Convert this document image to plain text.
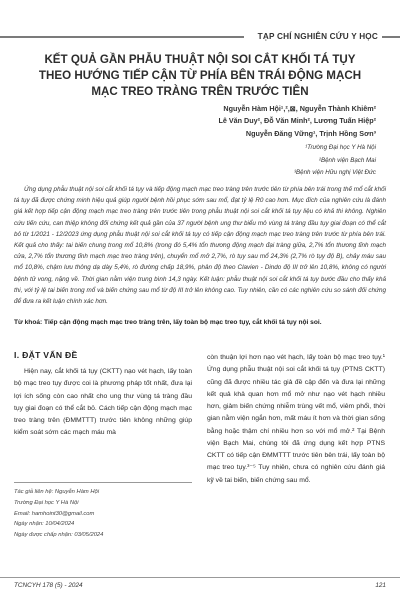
TẠP CHÍ NGHIÊN CỨU Y HỌC
KẾT QUẢ GẦN PHẪU THUẬT NỘI SOI CẮT KHỐI TÁ TỤY THEO HƯỚNG TIẾP CẬN TỪ PHÍA BÊN TRÁI ĐỘNG MẠCH MẠC TREO TRÀNG TRÊN TRƯỚC TIÊN
Nguyễn Hàm Hội¹,²,⊠, Nguyễn Thành Khiêm²
Lê Văn Duy², Đỗ Văn Minh², Lương Tuấn Hiệp²
Nguyễn Đăng Vững¹, Trịnh Hồng Sơn³
¹Trường Đại học Y Hà Nội
²Bệnh viện Bạch Mai
³Bệnh viện Hữu nghị Việt Đức

Ứng dụng phẫu thuật nội soi cắt khối tá tụy và tiếp động mạch mạc treo tràng trên trước tiên từ phía bên trái trong thế mổ cắt khối tá tụy đã được chứng minh hiệu quả giúp người bệnh hồi phục sớm sau mổ, đạt tỷ lệ R0 cao hơn. Mục đích của nghiên cứu là đánh giá kết hợp tiếp cận động mạch mạc treo tràng trên trước tiên trong phẫu thuật nội soi cắt khối tá tụy liệu có khả thi không. Nghiên cứu tiến cứu, can thiệp không đối chứng kết quả gần của 37 người bệnh ung thư biểu mô vùng tá tràng đầu tụy giai đoạn có thể cắt bỏ từ 1/2021 - 12/2023 ứng dụng phẫu thuật nội soi cắt khối tá tụy có tiếp cận động mạch mạc treo tràng trên trước từ phía bên trái. Kết quả cho thấy: tai biến chung trong mổ 10,8% (trong đó 5,4% tổn thương động mạch đại tràng giữa, 2,7% tổn thương tĩnh mạch cửa, 2,7% tổn thương tĩnh mạch mạc treo tràng trên), chuyển mổ mở 2,7%, rò tụy sau mổ 24,3% (2,7% rò tụy độ B), chảy máu sau mổ 10,8%, chậm lưu thông dạ dày 5,4%, rò đường chấp 18,9%, phân độ theo Clavien - Dindo độ III trở lên 10,8%, không có người bệnh tử vong, nặng về. Thời gian nằm viện trung bình 14,3 ngày. Kết luận: phẫu thuật nội soi cắt khối tá tụy bước đầu cho thấy khả thi, với tỷ lệ tai biến trong mổ và biến chứng sau mổ từ độ III trở lên không cao. Tuy nhiên, cần có các nghiên cứu so sánh đối chứng để đưa ra kết luận chính xác hơn.

Từ khoá: Tiếp cận động mạch mạc treo tràng trên, lấy toàn bộ mạc treo tụy, cắt khối tá tụy nội soi.

I. ĐẶT VẤN ĐỀ

Hiện nay, cắt khối tá tụy (CKTT) nạo vét hạch, lấy toàn bộ mạc treo tụy được coi là phương pháp tốt nhất, đưa lại lợi ích sống còn cao nhất cho ung thư vùng tá tràng đầu tụy giai đoạn có thể cắt bỏ. Cách tiếp cận động mạch mạc treo tràng trên (ĐMMTTT) trước tiên không những giúp kiểm soát sớm các mạch máu mà

còn thuận lợi hơn nạo vét hạch, lấy toàn bộ mạc treo tụy.¹ Ứng dụng phẫu thuật nội soi cắt khối tá tụy (PTNS CKTT) cũng đã được nhiều tác giả đề cập đến và đưa lại những kết quả khả quan hơn mổ mở như nạo vét hạch nhiều hơn, giảm biến chứng nhiễm trùng vết mổ, viêm phổi, thời gian nằm viện ngắn hơn, mất máu ít hơn và thời gian sống bằng hoặc thậm chí nhiều hơn so với mổ mở.² Tại Bệnh viện Bạch Mai, chúng tôi đã ứng dụng kết hợp PTNS CKTT có tiếp cận ĐMMTTT trước tiên bên trái, lấy toàn bộ mạc treo tụy.³⁻⁵ Tuy nhiên, chưa có nghiên cứu đánh giá kỹ về tai biến, biến chứng sau mổ.

Tác giả liên hệ: Nguyễn Hàm Hội
Trường Đại học Y Hà Nội
Email: hamhoint30@gmail.com
Ngày nhận: 10/04/2024
Ngày được chấp nhận: 03/05/2024
TCNCYH 178 (5) - 2024	121
